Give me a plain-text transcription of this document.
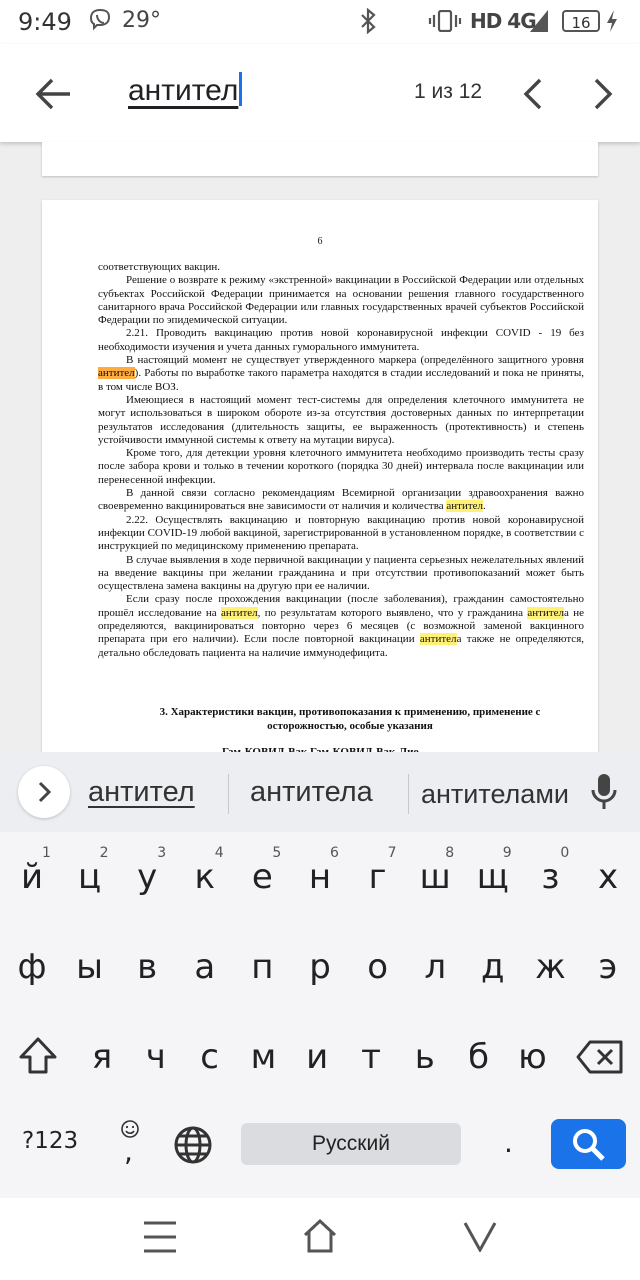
9:49 29°	HD 4G	16
антител	1 из 12
6

соответствующих вакцин.

Решение о возврате к режиму «экстренной» вакцинации в Российской Федерации или отдельных субъектах Российской Федерации принимается на основании решения главного государственного санитарного врача Российской Федерации или главных государственных врачей субъектов Российской Федерации по эпидемической ситуации.

2.21. Проводить вакцинацию против новой коронавирусной инфекции COVID - 19 без необходимости изучения и учета данных гуморального иммунитета.

В настоящий момент не существует утвержденного маркера (определённого защитного уровня антител). Работы по выработке такого параметра находятся в стадии исследований и пока не приняты, в том числе ВОЗ.

Имеющиеся в настоящий момент тест-системы для определения клеточного иммунитета не могут использоваться в широком обороте из-за отсутствия достоверных данных по интерпретации результатов исследования (длительность защиты, ее выраженность (протективность) и степень устойчивости иммунной системы к ответу на мутации вируса).

Кроме того, для детекции уровня клеточного иммунитета необходимо производить тесты сразу после забора крови и только в течении короткого (порядка 30 дней) интервала после вакцинации или перенесенной инфекции.

В данной связи согласно рекомендациям Всемирной организации здравоохранения важно своевременно вакцинироваться вне зависимости от наличия и количества антител.

2.22. Осуществлять вакцинацию и повторную вакцинацию против новой коронавирусной инфекции COVID-19 любой вакциной, зарегистрированной в установленном порядке, в соответствии с инструкцией по медицинскому применению препарата.

В случае выявления в ходе первичной вакцинации у пациента серьезных нежелательных явлений на введение вакцины при желании гражданина и при отсутствии противопоказаний может быть осуществлена замена вакцины на другую при ее наличии.

Если сразу после прохождения вакцинации (после заболевания), гражданин самостоятельно прошёл исследование на антител, по результатам которого выявлено, что у гражданина антитела не определяются, вакцинироваться повторно через 6 месяцев (с возможной заменой вакцинного препарата при его наличии). Если после повторной вакцинации антитела также не определяются, детально обследовать пациента на наличие иммунодефицита.

3. Характеристики вакцин, противопоказания к применению, применение с осторожностью, особые указания
антител антитела антителами
й
1
ц
2
у
3
к
4
е
5
н
6
г
7
ш
8
щ
9
з
0
х
ф ы	в	а	п	р	о	л	д ж э
я ч	с м и т ь б ю
?123 ,	Русский	.
